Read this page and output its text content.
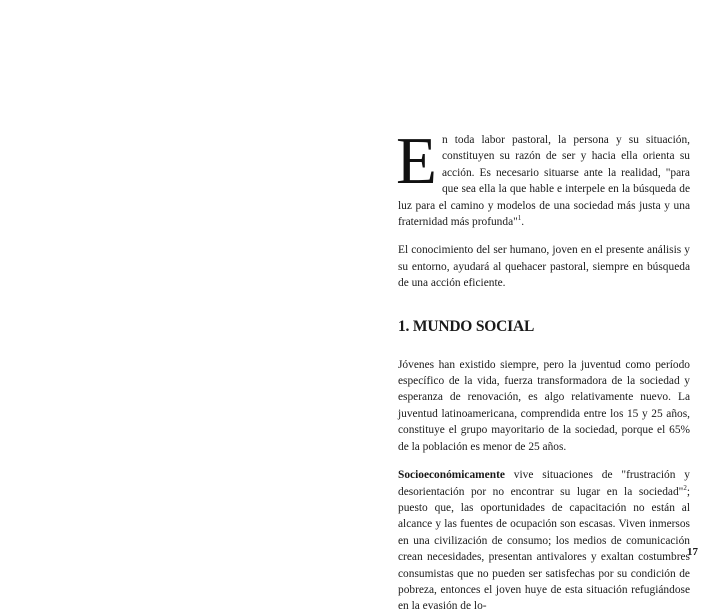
En toda labor pastoral, la persona y su situación, constituyen su razón de ser y hacia ella orienta su acción. Es necesario situarse ante la realidad, "para que sea ella la que hable e interpele en la búsqueda de luz para el camino y modelos de una sociedad más justa y una fraternidad más profunda"$^1$.

El conocimiento del ser humano, joven en el presente análisis y su entorno, ayudará al quehacer pastoral, siempre en búsqueda de una acción eficiente.

1. MUNDO SOCIAL

Jóvenes han existido siempre, pero la juventud como período específico de la vida, fuerza transformadora de la sociedad y esperanza de renovación, es algo relativamente nuevo. La juventud latinoamericana, comprendida entre los 15 y 25 años, constituye el grupo mayoritario de la sociedad, porque el 65% de la población es menor de 25 años.

Socioeconómicamente vive situaciones de "frustración y desorientación por no encontrar su lugar en la sociedad"$^2$; puesto que, las oportunidades de capacitación no están al alcance y las fuentes de ocupación son escasas. Viven inmersos en una civilización de consumo; los medios de comunicación crean necesidades, presentan antivalores y exaltan costumbres consumistas que no pueden ser satisfechas por su condición de pobreza, entonces el joven huye de esta situación refugiándose en la evasión de lo-

17
